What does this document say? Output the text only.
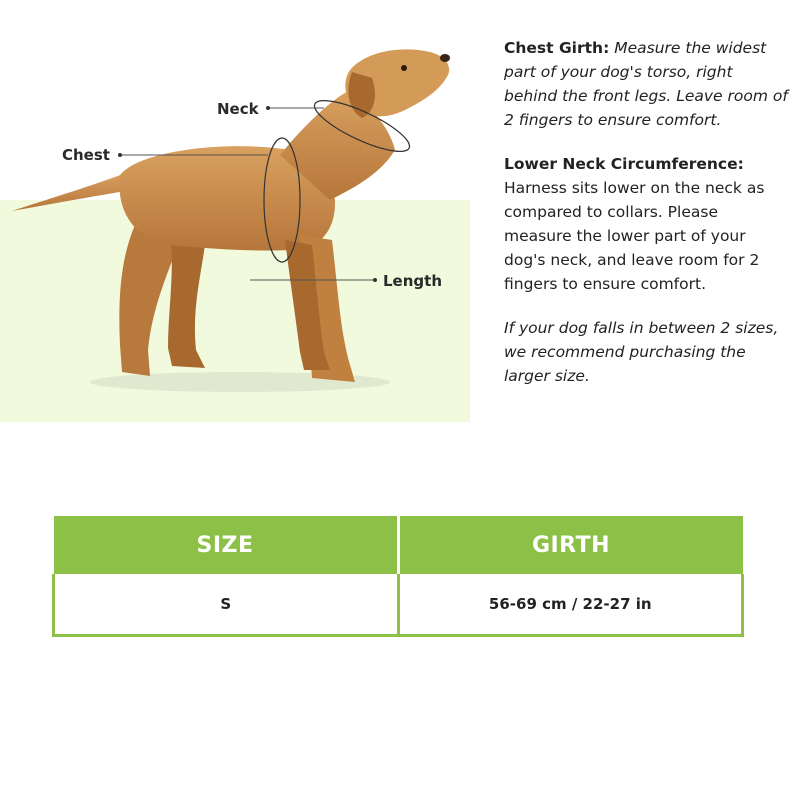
Neck
Chest
Length

Chest Girth: Measure the widest part of your dog's torso, right behind the front legs. Leave room of 2 fingers to ensure comfort.

Lower Neck Circumference:
Harness sits lower on the neck as compared to collars. Please measure the lower part of your dog's neck, and leave room for 2 fingers to ensure comfort.

If your dog falls in between 2 sizes, we recommend purchasing the larger size.

SIZE	GIRTH
S	56-69 cm / 22-27 in
